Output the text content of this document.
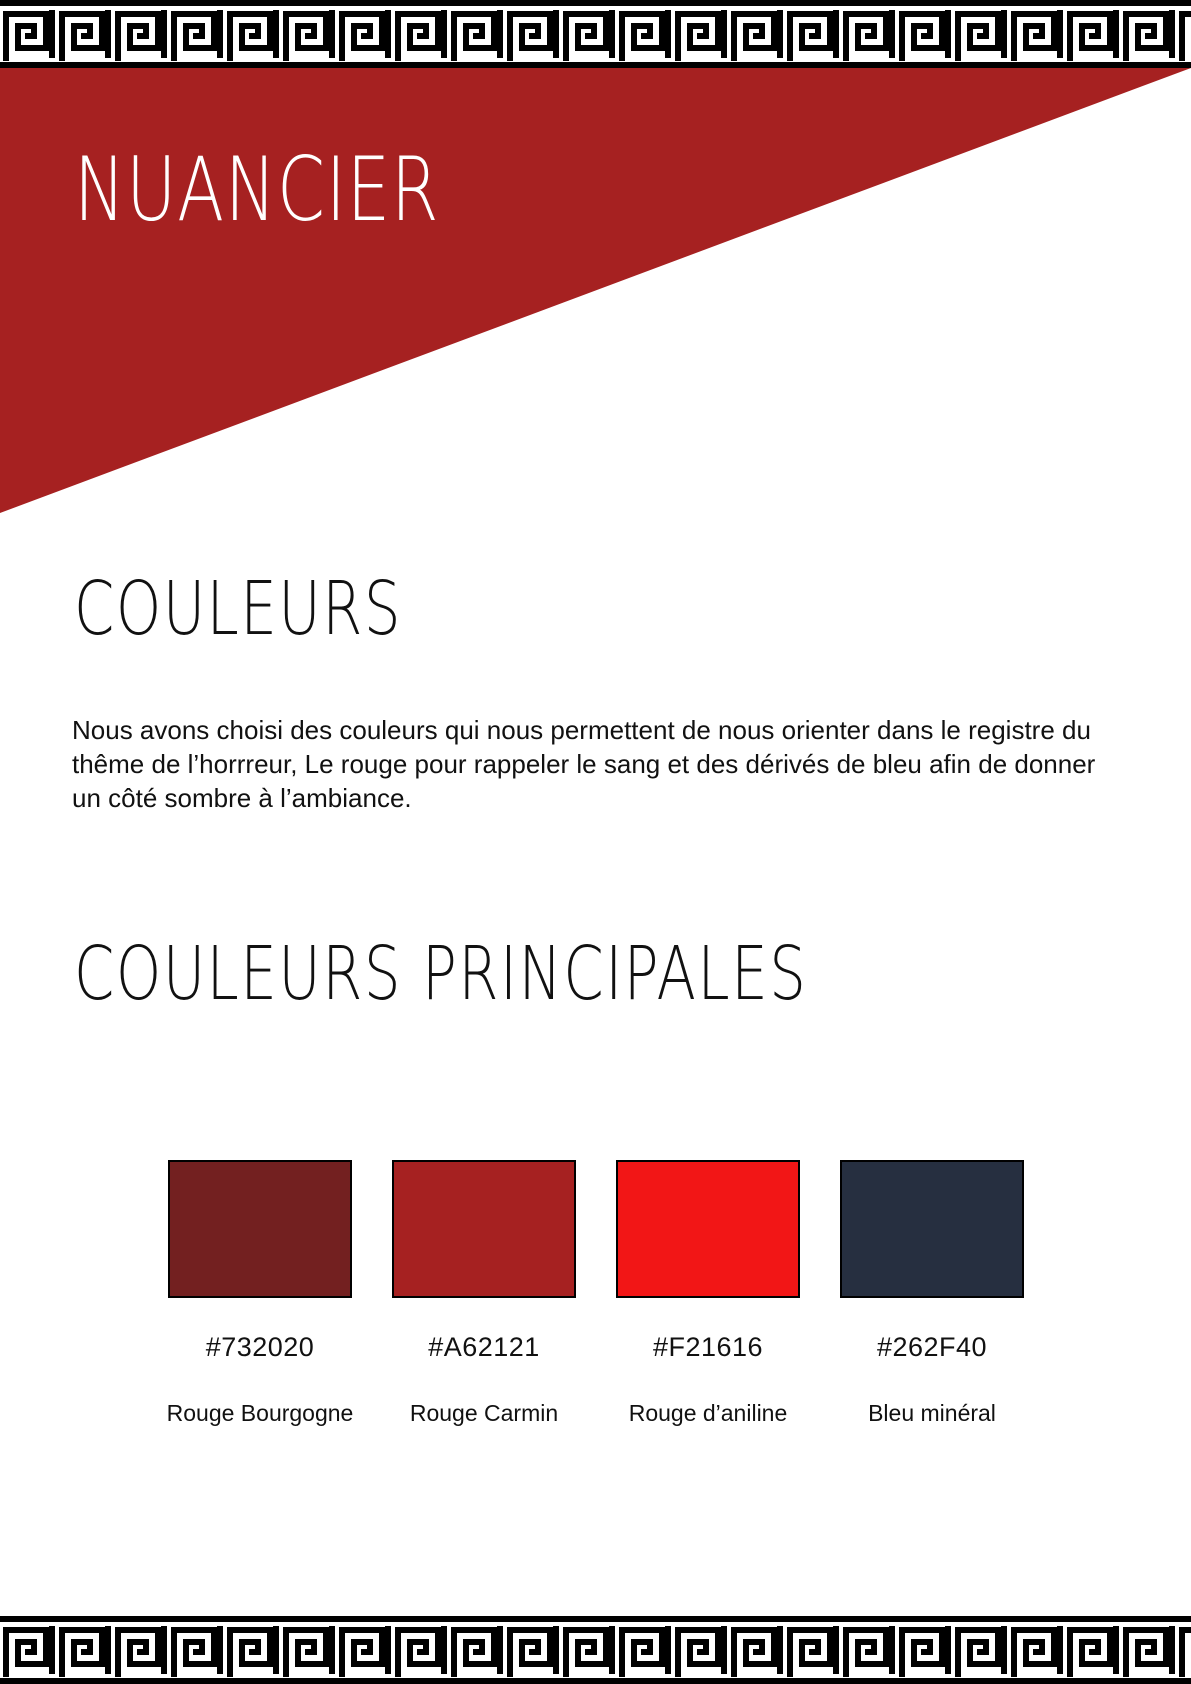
NUANCIER
COULEURS

Nous avons choisi des couleurs qui nous permettent de nous orienter dans le registre du thême de l’horrreur, Le rouge pour rappeler le sang et des dérivés de bleu afin de donner un côté sombre à l’ambiance.

COULEURS PRINCIPALES
#732020	#A62121	#F21616	#262F40
Rouge Bourgogne	Rouge Carmin	Rouge d’aniline	Bleu minéral
